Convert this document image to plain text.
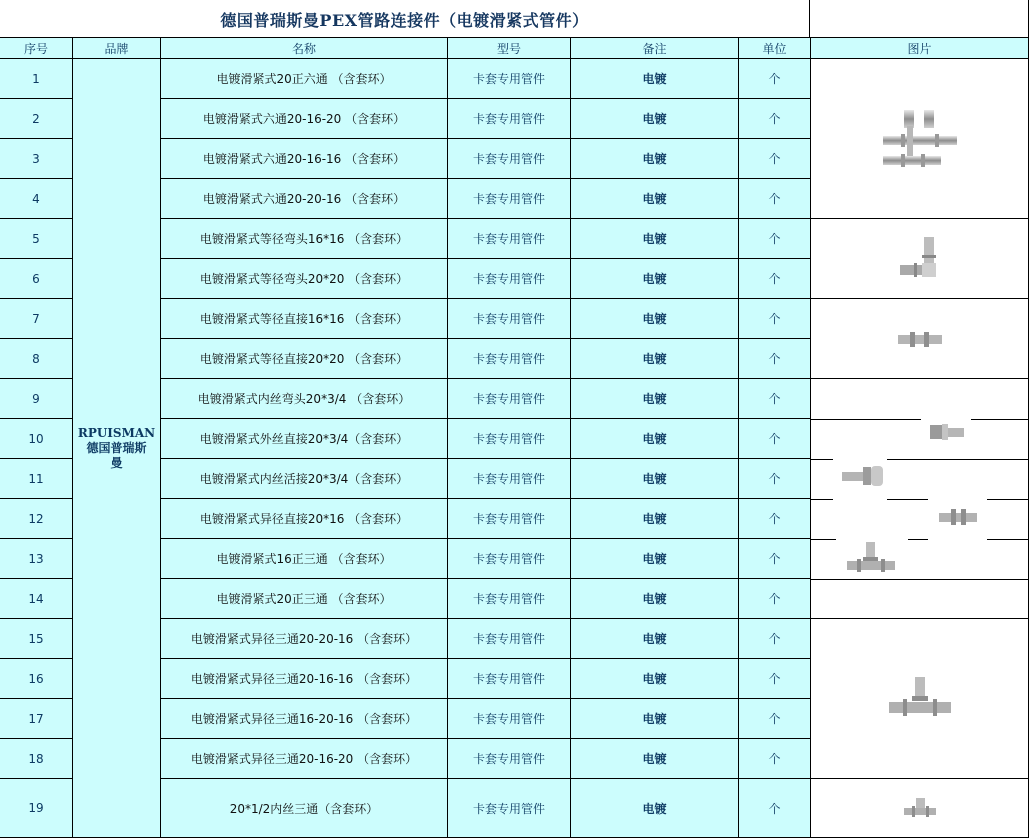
德国普瑞斯曼PEX管路连接件（电镀滑紧式管件）
序号	品牌	名称	型号	备注	单位	图片
RPUISMAN
德国普瑞斯
曼
1	电镀滑紧式20正六通 （含套环）	卡套专用管件	电镀	个
2	电镀滑紧式六通20-16-20 （含套环）	卡套专用管件	电镀	个
3	电镀滑紧式六通20-16-16 （含套环）	卡套专用管件	电镀	个
4	电镀滑紧式六通20-20-16 （含套环）	卡套专用管件	电镀	个
5	电镀滑紧式等径弯头16*16 （含套环）	卡套专用管件	电镀	个
6	电镀滑紧式等径弯头20*20 （含套环）	卡套专用管件	电镀	个
7	电镀滑紧式等径直接16*16 （含套环）	卡套专用管件	电镀	个
8	电镀滑紧式等径直接20*20 （含套环）	卡套专用管件	电镀	个
9	电镀滑紧式内丝弯头20*3/4 （含套环）	卡套专用管件	电镀	个
10	电镀滑紧式外丝直接20*3/4（含套环）	卡套专用管件	电镀	个
11	电镀滑紧式内丝活接20*3/4（含套环）	卡套专用管件	电镀	个
12	电镀滑紧式异径直接20*16 （含套环）	卡套专用管件	电镀	个
13	电镀滑紧式16正三通 （含套环）	卡套专用管件	电镀	个
14	电镀滑紧式20正三通 （含套环）	卡套专用管件	电镀	个
15	电镀滑紧式异径三通20-20-16 （含套环）	卡套专用管件	电镀	个
16	电镀滑紧式异径三通20-16-16 （含套环）	卡套专用管件	电镀	个
17	电镀滑紧式异径三通16-20-16 （含套环）	卡套专用管件	电镀	个
18	电镀滑紧式异径三通20-16-20 （含套环）	卡套专用管件	电镀	个
19	20*1/2内丝三通（含套环）	卡套专用管件	电镀	个
